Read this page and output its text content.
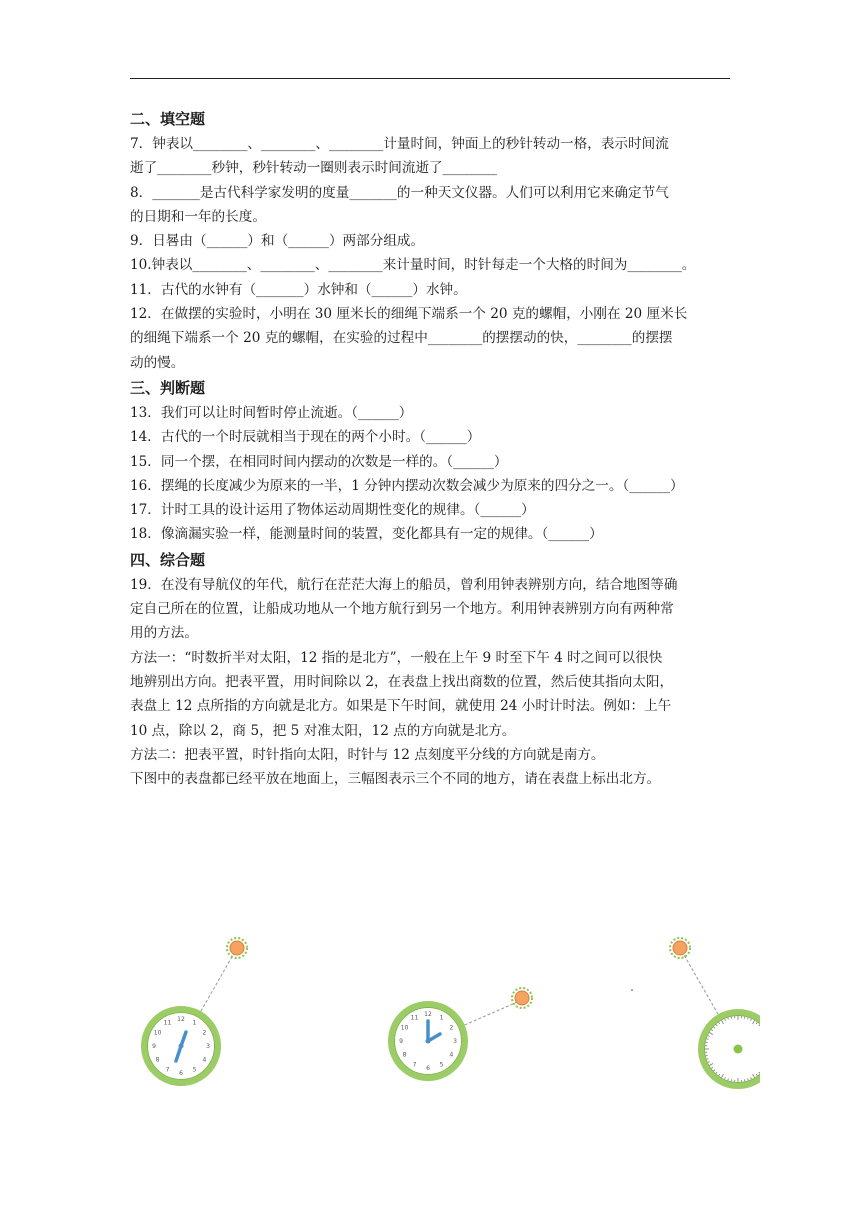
二、填空题

7．钟表以________、________、________计量时间，钟面上的秒针转动一格，表示时间流

逝了________秒钟，秒针转动一圈则表示时间流逝了________

8．_______是古代科学家发明的度量_______的一种天文仪器。人们可以利用它来确定节气

的日期和一年的长度。

9．日晷由（______）和（______）两部分组成。

10.钟表以________、________、________来计量时间，时针每走一个大格的时间为________。

11．古代的水钟有（_______）水钟和（______）水钟。

12．在做摆的实验时，小明在 30 厘米长的细绳下端系一个 20 克的螺帽，小刚在 20 厘米长

的细绳下端系一个 20 克的螺帽，在实验的过程中________的摆摆动的快，________的摆摆

动的慢。

三、判断题

13．我们可以让时间暂时停止流逝。（______）

14．古代的一个时辰就相当于现在的两个小时。（______）

15．同一个摆，在相同时间内摆动的次数是一样的。（______）

16．摆绳的长度减少为原来的一半，1 分钟内摆动次数会减少为原来的四分之一。（______）

17．计时工具的设计运用了物体运动周期性变化的规律。（______）

18．像滴漏实验一样，能测量时间的装置，变化都具有一定的规律。（______）

四、综合题

19．在没有导航仪的年代，航行在茫茫大海上的船员，曾利用钟表辨别方向，结合地图等确

定自己所在的位置，让船成功地从一个地方航行到另一个地方。利用钟表辨别方向有两种常

用的方法。

方法一：“时数折半对太阳，12 指的是北方”，一般在上午 9 时至下午 4 时之间可以很快

地辨别出方向。把表平置，用时间除以 2，在表盘上找出商数的位置，然后使其指向太阳，

表盘上 12 点所指的方向就是北方。如果是下午时间，就使用 24 小时计时法。例如：上午

10 点，除以 2，商 5，把 5 对准太阳，12 点的方向就是北方。

方法二：把表平置，时针指向太阳，时针与 12 点刻度平分线的方向就是南方。

下图中的表盘都已经平放在地面上，三幅图表示三个不同的地方，请在表盘上标出北方。

12
1
2
3
4
5
6
7
8
9
10
11
12
1
2
3
4
5
6
7
8
9
10
11
